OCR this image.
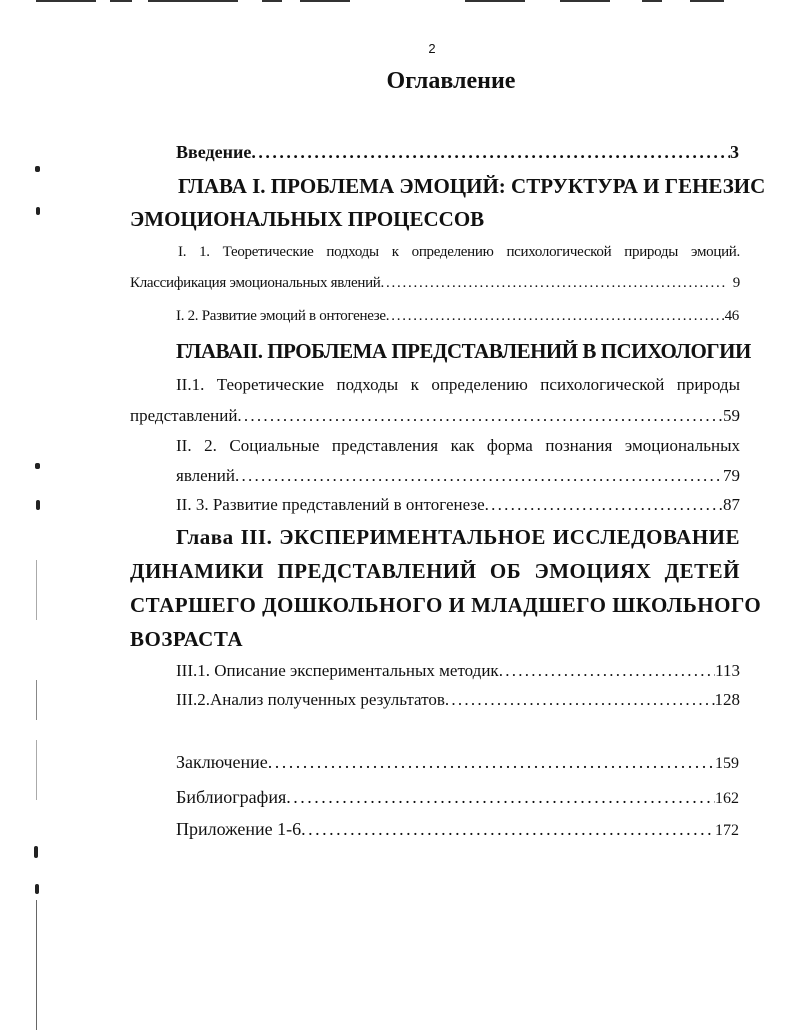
2
Оглавление
Введение . . .	3
ГЛАВА I. ПРОБЛЕМА ЭМОЦИЙ: СТРУКТУРА И ГЕНЕЗИС
ЭМОЦИОНАЛЬНЫХ ПРОЦЕССОВ
I. 1. Теоретические подходы к определению психологической природы эмоций.
Классификация эмоциональных явлений . . .	9
I. 2. Развитие эмоций в онтогенезе . . .	46
ГЛАВАII. ПРОБЛЕМА ПРЕДСТАВЛЕНИЙ В ПСИХОЛОГИИ
II.1. Теоретические подходы к определению психологической природы
представлений . . .	59
II. 2. Социальные представления как форма познания эмоциональных
явлений . . .	79
II. 3. Развитие представлений в онтогенезе . . .	87
Глава III. ЭКСПЕРИМЕНТАЛЬНОЕ ИССЛЕДОВАНИЕ
ДИНАМИКИ ПРЕДСТАВЛЕНИЙ ОБ ЭМОЦИЯХ ДЕТЕЙ
СТАРШЕГО ДОШКОЛЬНОГО И МЛАДШЕГО ШКОЛЬНОГО
ВОЗРАСТА
III.1. Описание экспериментальных методик . . .	113
III.2.Анализ полученных результатов . . .	128
Заключение . . .	159
Библиография . . .	162
Приложение 1-6 . . .	172
